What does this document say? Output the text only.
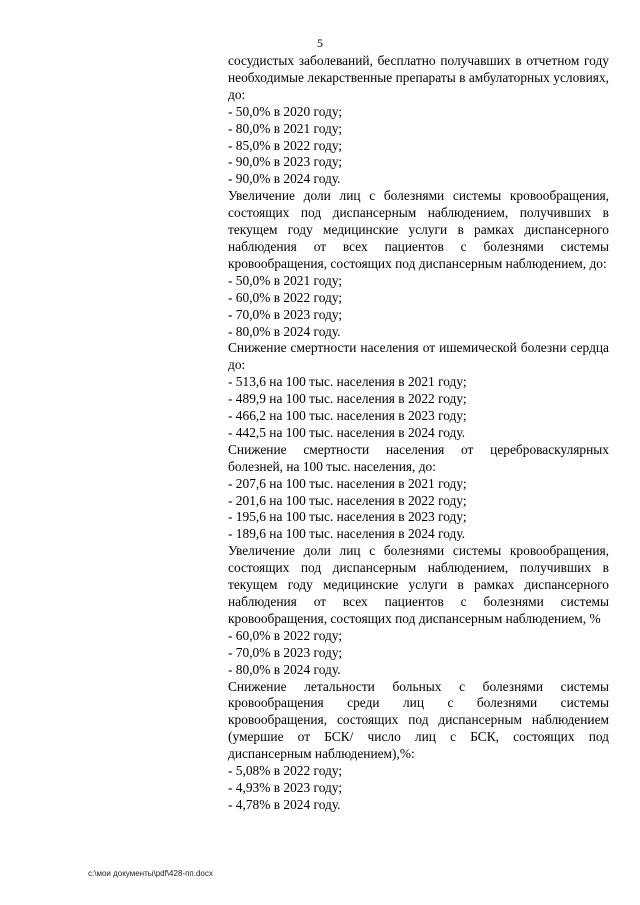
5

сосудистых заболеваний, бесплатно получавших в отчетном году необходимые лекарственные препараты в амбулаторных условиях, до:

- 50,0% в 2020 году;

- 80,0% в 2021 году;

- 85,0% в 2022 году;

- 90,0% в 2023 году;

- 90,0% в 2024 году.

Увеличение доли лиц с болезнями системы кровообращения, состоящих под диспансерным наблюдением, получивших в текущем году медицинские услуги в рамках диспансерного наблюдения от всех пациентов с болезнями системы кровообращения, состоящих под диспансерным наблюдением, до:

- 50,0% в 2021 году;

- 60,0% в 2022 году;

- 70,0% в 2023 году;

- 80,0% в 2024 году.

Снижение смертности населения от ишемической болезни сердца до:

- 513,6 на 100 тыс. населения в 2021 году;

- 489,9 на 100 тыс. населения в 2022 году;

- 466,2 на 100 тыс. населения в 2023 году;

- 442,5 на 100 тыс. населения в 2024 году.

Снижение смертности населения от цереброваскулярных болезней, на 100 тыс. населения, до:

- 207,6 на 100 тыс. населения в 2021 году;

- 201,6 на 100 тыс. населения в 2022 году;

- 195,6 на 100 тыс. населения в 2023 году;

- 189,6 на 100 тыс. населения в 2024 году.

Увеличение доли лиц с болезнями системы кровообращения, состоящих под диспансерным наблюдением, получивших в текущем году медицинские услуги в рамках диспансерного наблюдения от всех пациентов с болезнями системы кровообращения, состоящих под диспансерным наблюдением, %

- 60,0% в 2022 году;

- 70,0% в 2023 году;

- 80,0% в 2024 году.

Снижение летальности больных с болезнями системы кровообращения среди лиц с болезнями системы кровообращения, состоящих под диспансерным наблюдением (умершие от БСК/ число лиц с БСК, состоящих под диспансерным наблюдением),%:

- 5,08% в 2022 году;

- 4,93% в 2023 году;

- 4,78% в 2024 году.

c:\мои документы\pdf\428-пп.docx
